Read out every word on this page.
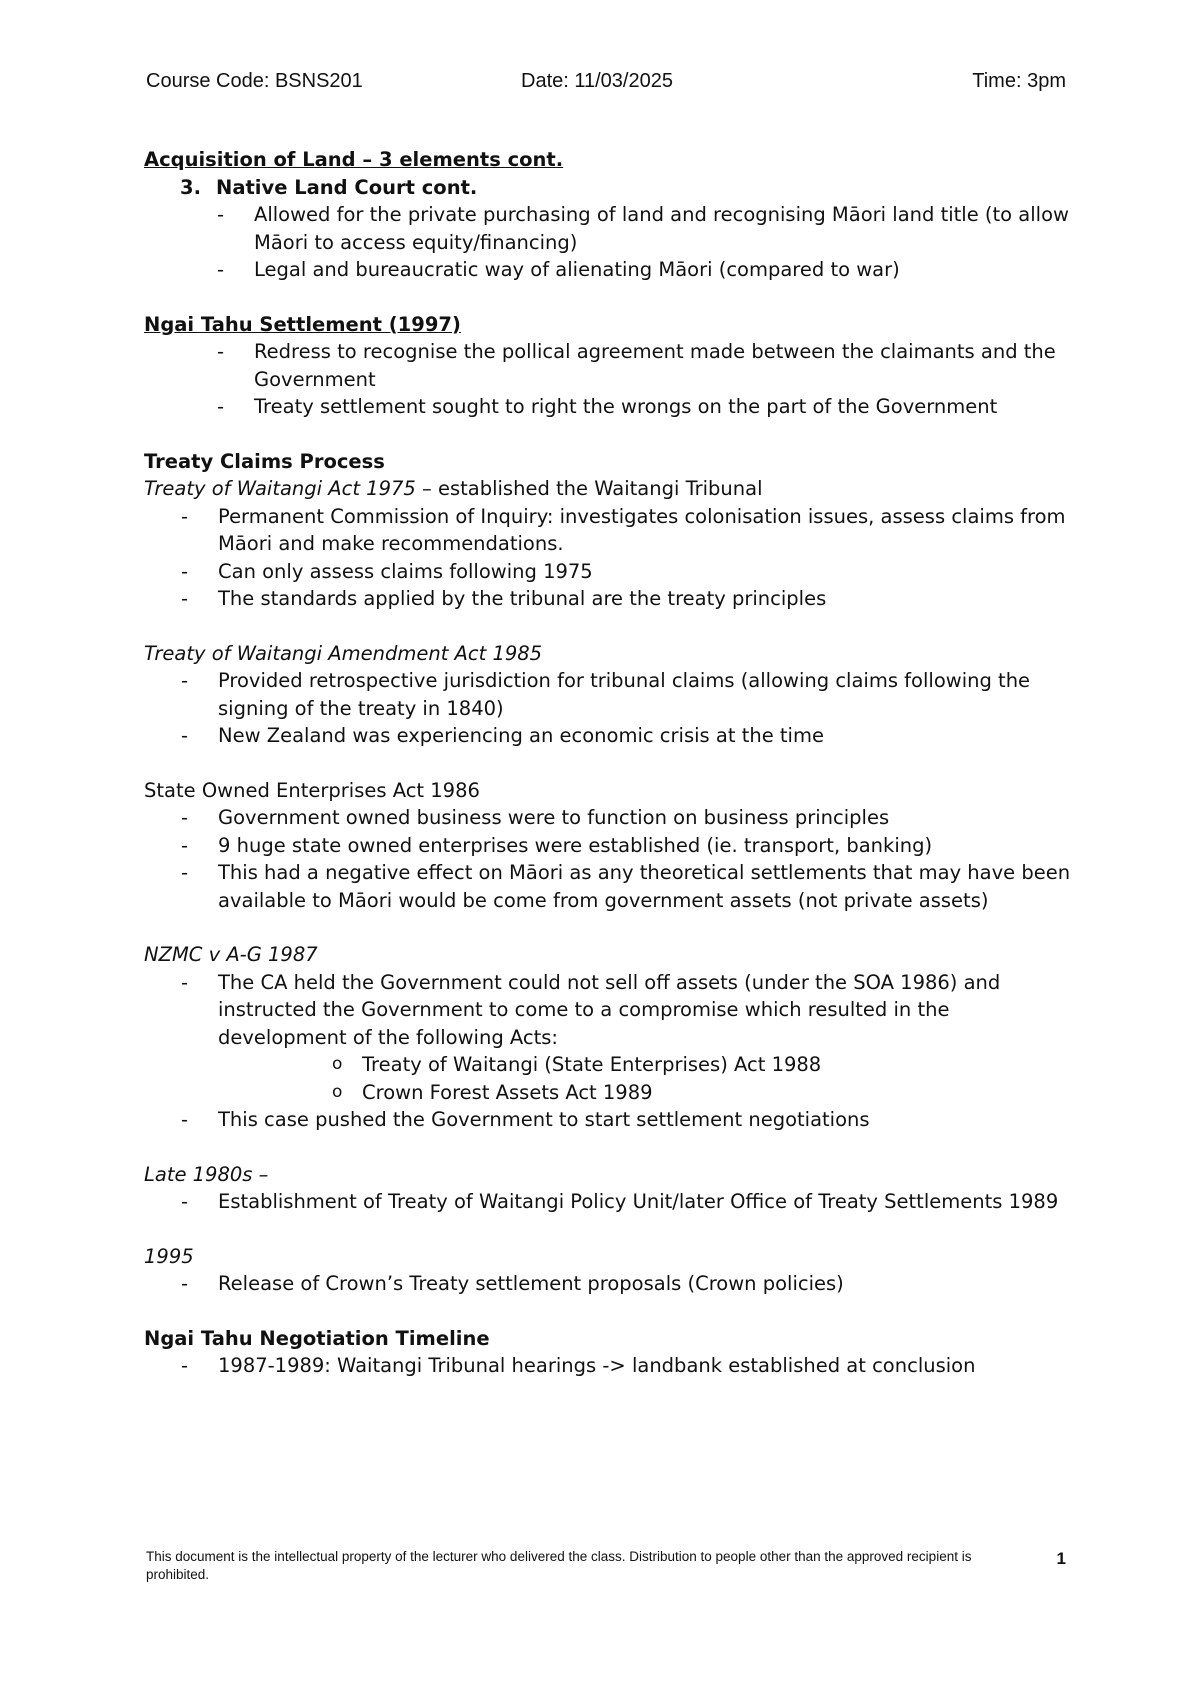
Course Code: BSNS201	Date: 11/03/2025	Time: 3pm

Acquisition of Land – 3 elements cont.

3. Native Land Court cont.
- Allowed for the private purchasing of land and recognising Māori land title (to allow Māori to access equity/financing)
- Legal and bureaucratic way of alienating Māori (compared to war)

Ngai Tahu Settlement (1997)

- Redress to recognise the pollical agreement made between the claimants and the Government
- Treaty settlement sought to right the wrongs on the part of the Government

Treaty Claims Process

Treaty of Waitangi Act 1975 – established the Waitangi Tribunal

- Permanent Commission of Inquiry: investigates colonisation issues, assess claims from Māori and make recommendations.
- Can only assess claims following 1975
- The standards applied by the tribunal are the treaty principles

Treaty of Waitangi Amendment Act 1985

- Provided retrospective jurisdiction for tribunal claims (allowing claims following the signing of the treaty in 1840)
- New Zealand was experiencing an economic crisis at the time

State Owned Enterprises Act 1986

- Government owned business were to function on business principles
- 9 huge state owned enterprises were established (ie. transport, banking)
- This had a negative effect on Māori as any theoretical settlements that may have been available to Māori would be come from government assets (not private assets)

NZMC v A-G 1987

- The CA held the Government could not sell off assets (under the SOA 1986) and instructed the Government to come to a compromise which resulted in the development of the following Acts:
o Treaty of Waitangi (State Enterprises) Act 1988
o Crown Forest Assets Act 1989
- This case pushed the Government to start settlement negotiations

Late 1980s –

- Establishment of Treaty of Waitangi Policy Unit/later Office of Treaty Settlements 1989

1995

- Release of Crown’s Treaty settlement proposals (Crown policies)

Ngai Tahu Negotiation Timeline

- 1987-1989: Waitangi Tribunal hearings -> landbank established at conclusion
This document is the intellectual property of the lecturer who delivered the class. Distribution to people other than the approved recipient is prohibited.
1
